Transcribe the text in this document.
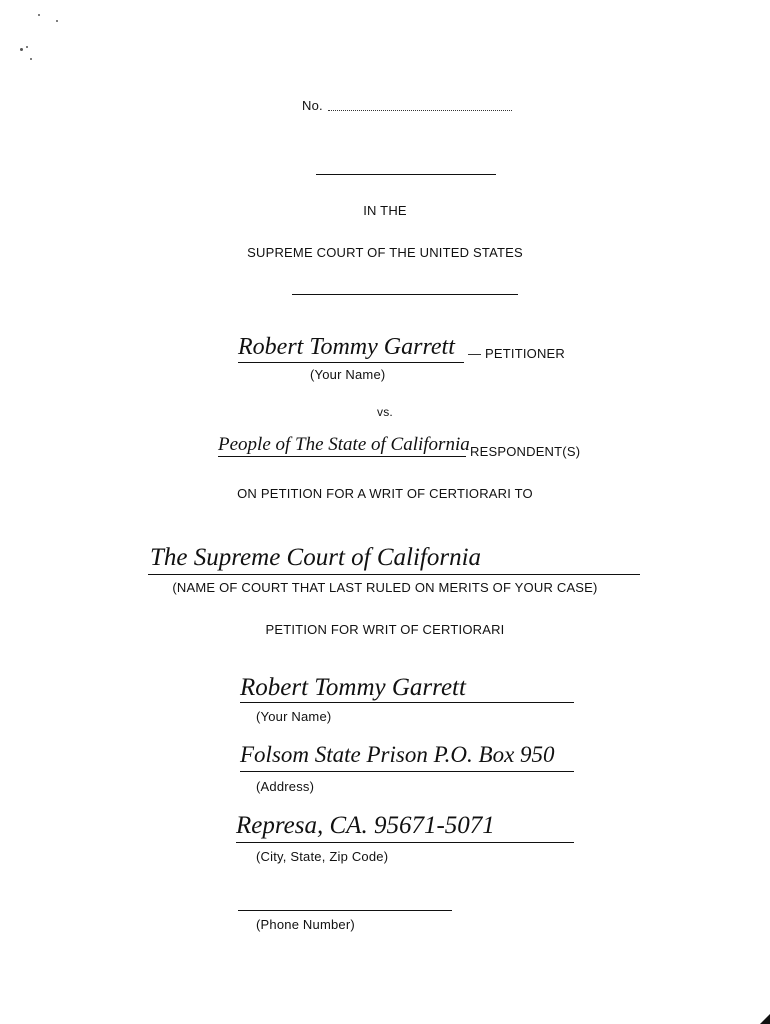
No.
IN THE
SUPREME COURT OF THE UNITED STATES
Robert Tommy Garrett — PETITIONER
(Your Name)
vs.
People of The State of California RESPONDENT(S)
ON PETITION FOR A WRIT OF CERTIORARI TO
The Supreme Court of California
(NAME OF COURT THAT LAST RULED ON MERITS OF YOUR CASE)
PETITION FOR WRIT OF CERTIORARI
Robert Tommy Garrett
(Your Name)
Folsom State Prison P.O. Box 950
(Address)
Represa, CA. 95671-5071
(City, State, Zip Code)
(Phone Number)
